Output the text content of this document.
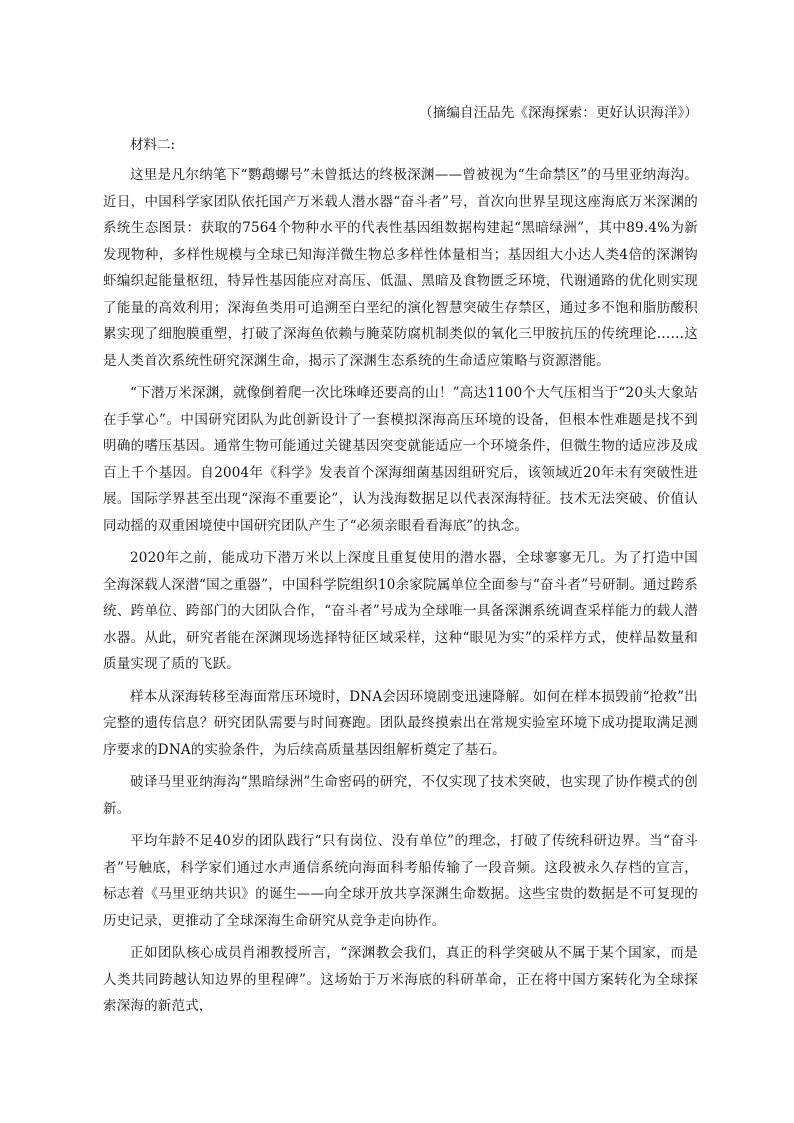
（摘编自汪品先《深海探索：更好认识海洋》）

材料二:

这里是凡尔纳笔下“鹦鹉螺号”未曾抵达的终极深渊——曾被视为“生命禁区”的马里亚纳海沟。近日，中国科学家团队依托国产万米载人潜水器“奋斗者”号，首次向世界呈现这座海底万米深渊的系统生态图景：获取的7564个物种水平的代表性基因组数据构建起“黑暗绿洲”，其中89.4%为新发现物种，多样性规模与全球已知海洋微生物总多样性体量相当；基因组大小达人类4倍的深渊钩虾编织起能量枢纽，特异性基因能应对高压、低温、黑暗及食物匮乏环境，代谢通路的优化则实现了能量的高效利用；深海鱼类用可追溯至白垩纪的演化智慧突破生存禁区，通过多不饱和脂肪酸积累实现了细胞膜重塑，打破了深海鱼依赖与腌菜防腐机制类似的氧化三甲胺抗压的传统理论……这是人类首次系统性研究深渊生命，揭示了深渊生态系统的生命适应策略与资源潜能。

“下潜万米深渊，就像倒着爬一次比珠峰还要高的山！”高达1100个大气压相当于“20头大象站在手掌心”。中国研究团队为此创新设计了一套模拟深海高压环境的设备，但根本性难题是找不到明确的嗜压基因。通常生物可能通过关键基因突变就能适应一个环境条件，但微生物的适应涉及成百上千个基因。自2004年《科学》发表首个深海细菌基因组研究后，该领域近20年未有突破性进展。国际学界甚至出现“深海不重要论”，认为浅海数据足以代表深海特征。技术无法突破、价值认同动摇的双重困境使中国研究团队产生了“必须亲眼看看海底”的执念。

2020年之前，能成功下潜万米以上深度且重复使用的潜水器，全球寥寥无几。为了打造中国全海深载人深潜“国之重器”，中国科学院组织10余家院属单位全面参与“奋斗者”号研制。通过跨系统、跨单位、跨部门的大团队合作，“奋斗者”号成为全球唯一具备深渊系统调查采样能力的载人潜水器。从此，研究者能在深渊现场选择特征区域采样，这种“眼见为实”的采样方式，使样品数量和质量实现了质的飞跃。

样本从深海转移至海面常压环境时，DNA会因环境剧变迅速降解。如何在样本损毁前“抢救”出完整的遗传信息？研究团队需要与时间赛跑。团队最终摸索出在常规实验室环境下成功提取满足测序要求的DNA的实验条件，为后续高质量基因组解析奠定了基石。

破译马里亚纳海沟“黑暗绿洲”生命密码的研究，不仅实现了技术突破，也实现了协作模式的创新。

平均年龄不足40岁的团队践行“只有岗位、没有单位”的理念，打破了传统科研边界。当“奋斗者”号触底，科学家们通过水声通信系统向海面科考船传输了一段音频。这段被永久存档的宣言，标志着《马里亚纳共识》的诞生——向全球开放共享深渊生命数据。这些宝贵的数据是不可复现的历史记录，更推动了全球深海生命研究从竞争走向协作。

正如团队核心成员肖湘教授所言，“深渊教会我们，真正的科学突破从不属于某个国家，而是人类共同跨越认知边界的里程碑”。这场始于万米海底的科研革命，正在将中国方案转化为全球探索深海的新范式，
